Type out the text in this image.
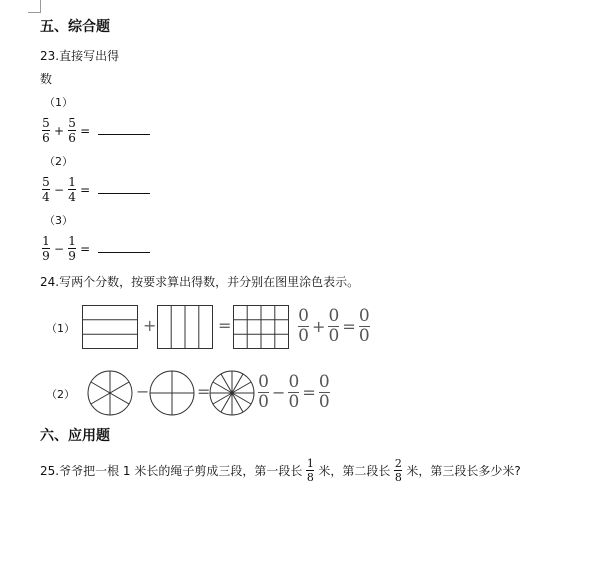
五、综合题
23.直接写出得
数
（1）
$\frac{5}{6} + \frac{5}{6}$ =
（2）
$\frac{5}{4} - \frac{1}{4}$ =
（3）
$\frac{1}{9} - \frac{1}{9}$ =
24.写两个分数，按要求算出得数，并分别在图里涂色表示。
（1）	+	=	0
0 +
0
0 =
0
0
（2）	−	=	0
0 −
0
0 =
0
0
六、应用题
25.爷爷把一根 1 米长的绳子剪成三段，第一段长
1
8 米，第二段长
2
8 米，第三段长多少米?
